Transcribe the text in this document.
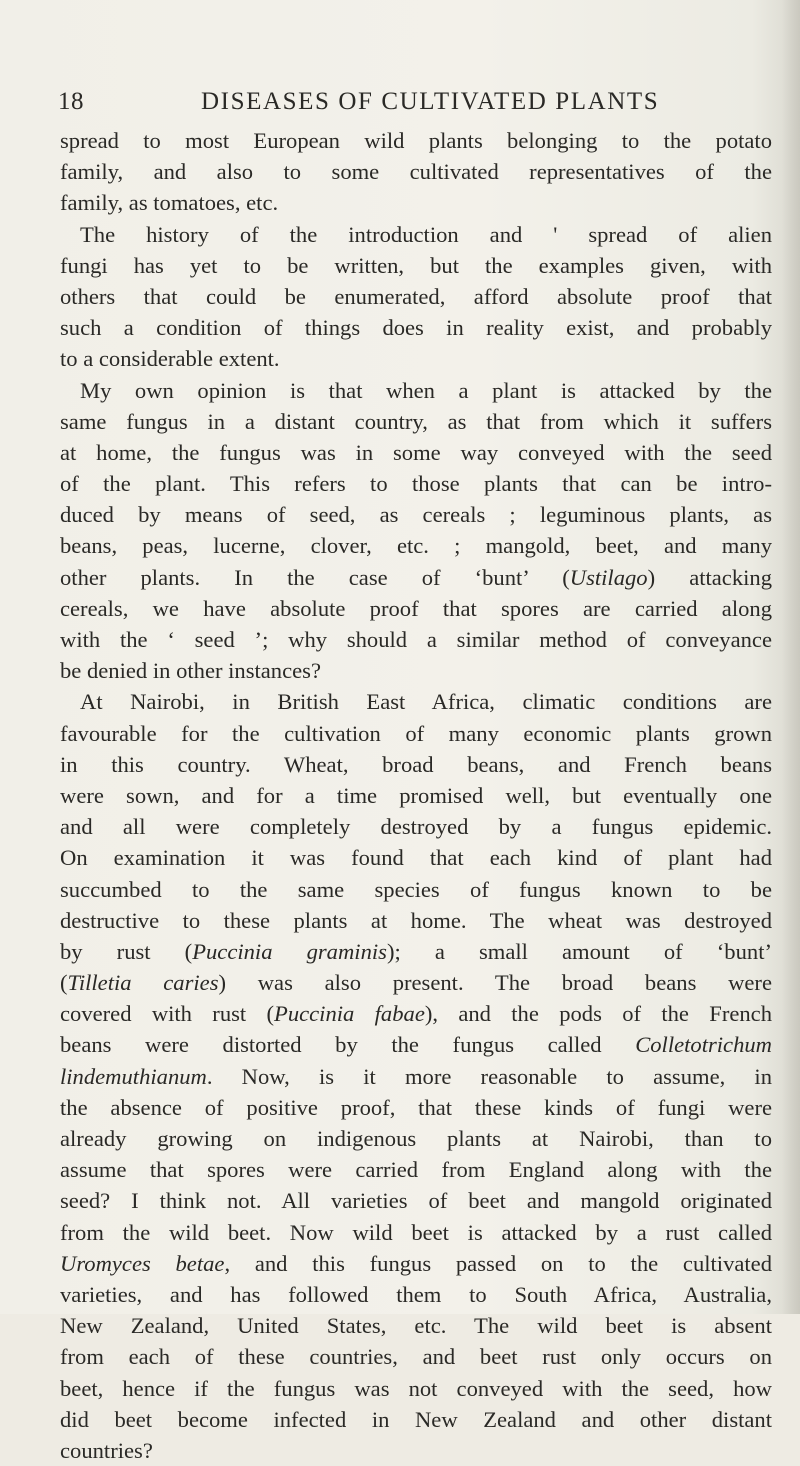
18	DISEASES OF CULTIVATED PLANTS
spread to most European wild plants belonging to the potato
family, and also to some cultivated representatives of the
family, as tomatoes, etc.
The history of the introduction and ' spread of alien
fungi has yet to be written, but the examples given, with
others that could be enumerated, afford absolute proof that
such a condition of things does in reality exist, and probably
to a considerable extent.
My own opinion is that when a plant is attacked by the
same fungus in a distant country, as that from which it suffers
at home, the fungus was in some way conveyed with the seed
of the plant. This refers to those plants that can be intro-
duced by means of seed, as cereals ; leguminous plants, as
beans, peas, lucerne, clover, etc. ; mangold, beet, and many
other plants. In the case of ‘bunt’ (Ustilago) attacking
cereals, we have absolute proof that spores are carried along
with the ‘ seed ’; why should a similar method of conveyance
be denied in other instances?
At Nairobi, in British East Africa, climatic conditions are
favourable for the cultivation of many economic plants grown
in this country. Wheat, broad beans, and French beans
were sown, and for a time promised well, but eventually one
and all were completely destroyed by a fungus epidemic.
On examination it was found that each kind of plant had
succumbed to the same species of fungus known to be
destructive to these plants at home. The wheat was destroyed
by rust (Puccinia graminis); a small amount of ‘bunt’
(Tilletia caries) was also present. The broad beans were
covered with rust (Puccinia fabae), and the pods of the French
beans were distorted by the fungus called Colletotrichum
lindemuthianum. Now, is it more reasonable to assume, in
the absence of positive proof, that these kinds of fungi were
already growing on indigenous plants at Nairobi, than to
assume that spores were carried from England along with the
seed? I think not. All varieties of beet and mangold originated
from the wild beet. Now wild beet is attacked by a rust called
Uromyces betae, and this fungus passed on to the cultivated
varieties, and has followed them to South Africa, Australia,
New Zealand, United States, etc. The wild beet is absent
from each of these countries, and beet rust only occurs on
beet, hence if the fungus was not conveyed with the seed, how
did beet become infected in New Zealand and other distant
countries?
